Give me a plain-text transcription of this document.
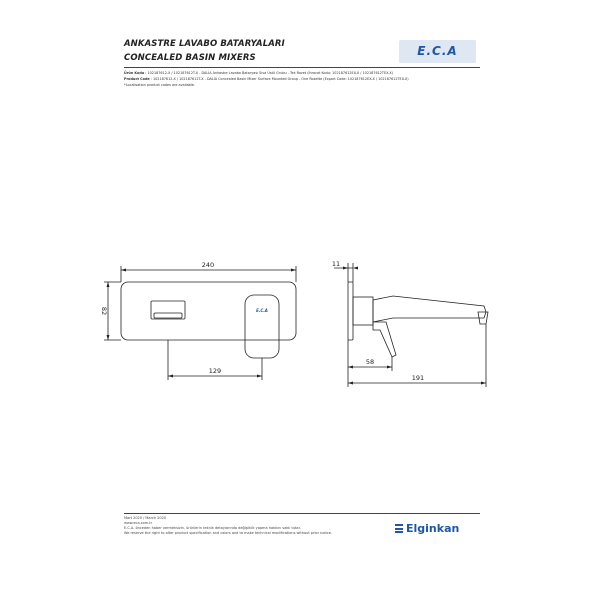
ANKASTRE LAVABO BATARYALARI
CONCEALED BASIN MIXERS	E.C.A
Ürün Kodu : 102187612-X / 102187612T-X - DALİA Ankastre Lavabo Bataryası Sıva Üstü Grubu - Tek Rozet (İhracat Kodu: 102187612EX-X / 102187612TEX-X)
Product Code : 102187612-X / 102187612T-X - DALİA Concealed Basin Mixer Surface Mounted Group - One Rosette (Export Code: 102187612EX-X / 102187612TEX-X)
*Localisation product codes are available.
240
82
129
11
58
191
E.C.A
Mart 2020 / March 2020
www.eca.com.tr
E.C.A. önceden haber vermeksizin, ürünlerin teknik detaylarında değişiklik yapma hakkını saklı tutar.
We reserve the right to alter product specification and colors and to make technical modifications without prior notice.	Elginkan
